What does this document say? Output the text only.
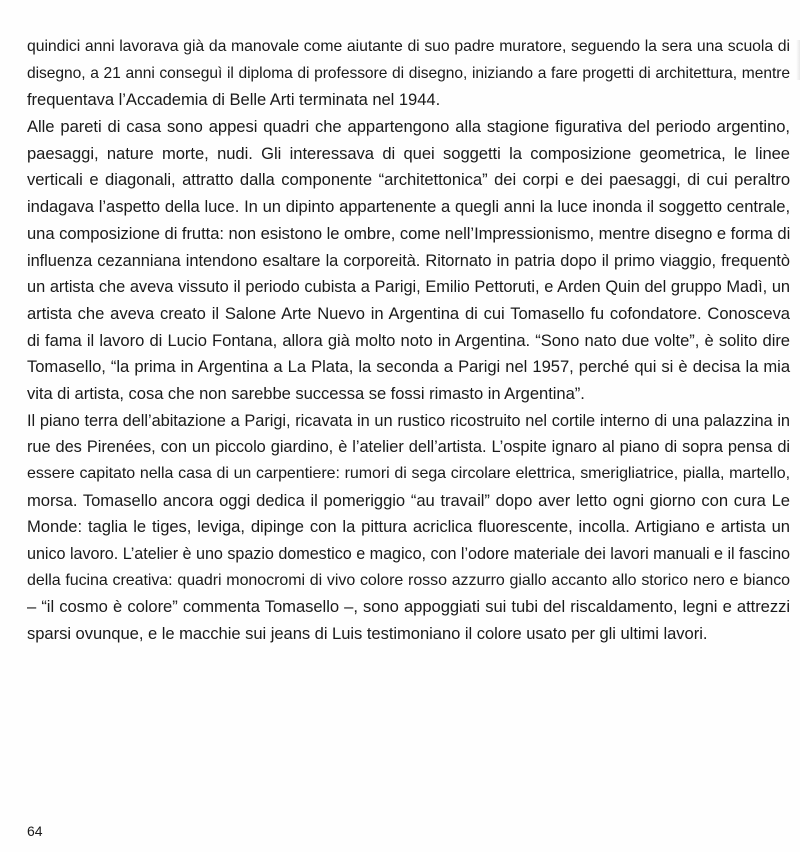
quindici anni lavorava già da manovale come aiutante di suo padre muratore, seguendo la sera una scuola di
disegno, a 21 anni conseguì il diploma di professore di disegno, iniziando a fare progetti di architettura, mentre
frequentava l’Accademia di Belle Arti terminata nel 1944.
Alle pareti di casa sono appesi quadri che appartengono alla stagione figurativa del periodo argentino,
paesaggi, nature morte, nudi. Gli interessava di quei soggetti la composizione geometrica, le linee
verticali e diagonali, attratto dalla componente “architettonica” dei corpi e dei paesaggi, di cui peraltro
indagava l’aspetto della luce. In un dipinto appartenente a quegli anni la luce inonda il soggetto centrale,
una composizione di frutta: non esistono le ombre, come nell’Impressionismo, mentre disegno e forma di
influenza cezanniana intendono esaltare la corporeità. Ritornato in patria dopo il primo viaggio, frequentò
un artista che aveva vissuto il periodo cubista a Parigi, Emilio Pettoruti, e Arden Quin del gruppo Madì, un
artista che aveva creato il Salone Arte Nuevo in Argentina di cui Tomasello fu cofondatore. Conosceva
di fama il lavoro di Lucio Fontana, allora già molto noto in Argentina. “Sono nato due volte”, è solito dire
Tomasello, “la prima in Argentina a La Plata, la seconda a Parigi nel 1957, perché qui si è decisa la mia
vita di artista, cosa che non sarebbe successa se fossi rimasto in Argentina”.
Il piano terra dell’abitazione a Parigi, ricavata in un rustico ricostruito nel cortile interno di una palazzina in
rue des Pirenées, con un piccolo giardino, è l’atelier dell’artista. L’ospite ignaro al piano di sopra pensa di
essere capitato nella casa di un carpentiere: rumori di sega circolare elettrica, smerigliatrice, pialla, martello,
morsa. Tomasello ancora oggi dedica il pomeriggio “au travail” dopo aver letto ogni giorno con cura Le
Monde: taglia le tiges, leviga, dipinge con la pittura acriclica fluorescente, incolla. Artigiano e artista un
unico lavoro. L’atelier è uno spazio domestico e magico, con l’odore materiale dei lavori manuali e il fascino
della fucina creativa: quadri monocromi di vivo colore rosso azzurro giallo accanto allo storico nero e bianco
– “il cosmo è colore” commenta Tomasello –, sono appoggiati sui tubi del riscaldamento, legni e attrezzi
sparsi ovunque, e le macchie sui jeans di Luis testimoniano il colore usato per gli ultimi lavori.
64
